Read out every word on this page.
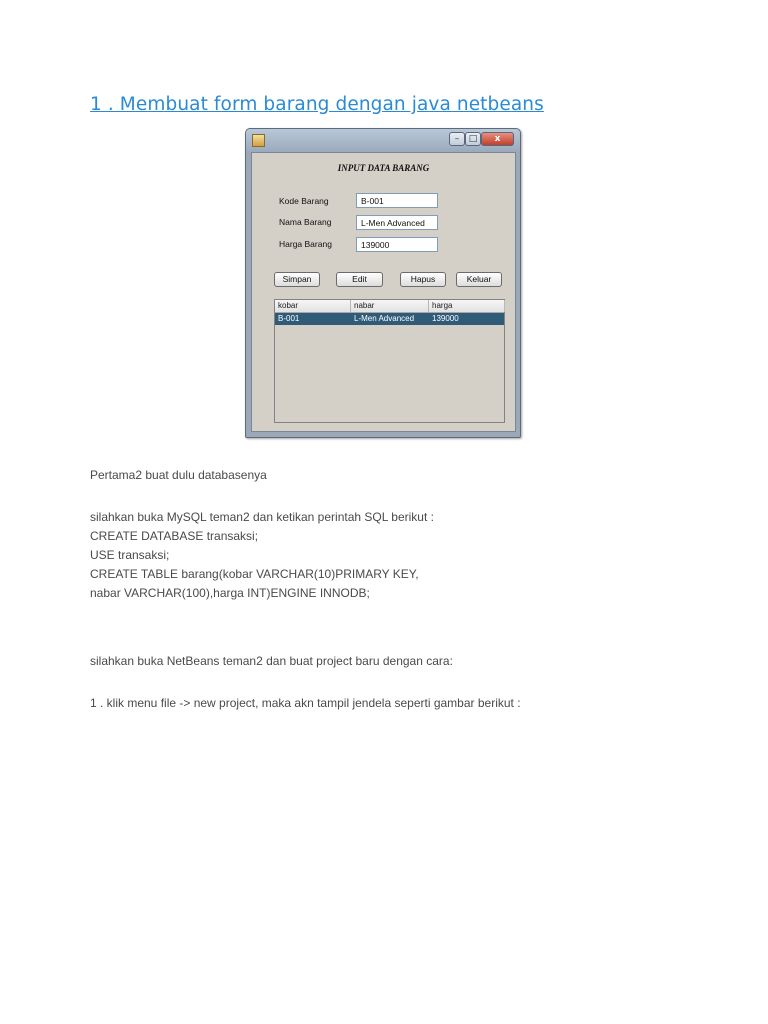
1 . Membuat form barang dengan java netbeans
–	□	x
INPUT DATA BARANG
Kode Barang	B-001
Nama Barang	L-Men Advanced
Harga Barang	139000
Simpan	Edit	Hapus	Keluar
kobar	nabar	harga
B-001	L-Men Advanced	139000

Pertama2 buat dulu databasenya

silahkan buka MySQL teman2 dan ketikan perintah SQL berikut :
CREATE DATABASE transaksi;
USE transaksi;
CREATE TABLE barang(kobar VARCHAR(10)PRIMARY KEY,
nabar VARCHAR(100),harga INT)ENGINE INNODB;

silahkan buka NetBeans teman2 dan buat project baru dengan cara:

1 . klik menu file -> new project, maka akn tampil jendela seperti gambar berikut :
